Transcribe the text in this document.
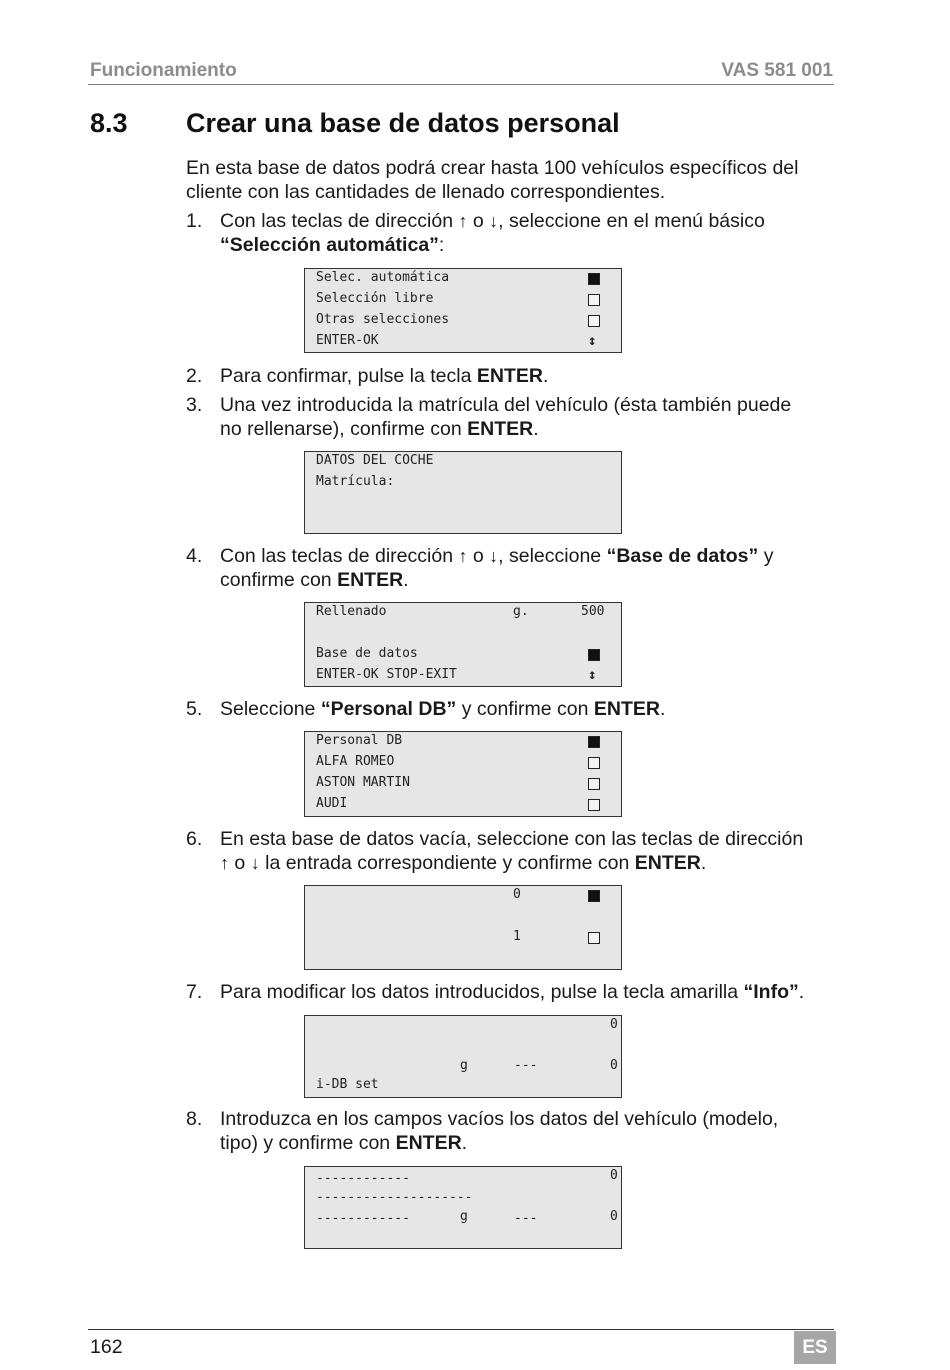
Funcionamiento	VAS 581 001
8.3 Crear una base de datos personal
En esta base de datos podrá crear hasta 100 vehículos específicos del
cliente con las cantidades de llenado correspondientes.
1. Con las teclas de dirección ↑ o ↓, seleccione en el menú básico
“Selección automática”:
Selec. automática
Selección libre
Otras selecciones
ENTER-OK	↕
2. Para confirmar, pulse la tecla ENTER.
3. Una vez introducida la matrícula del vehículo (ésta también puede
no rellenarse), confirme con ENTER.
DATOS DEL COCHE
Matrícula:
4. Con las teclas de dirección ↑ o ↓, seleccione “Base de datos” y
confirme con ENTER.
Rellenado	g.	500
Base de datos
ENTER-OK STOP-EXIT	↕
5. Seleccione “Personal DB” y confirme con ENTER.
Personal DB
ALFA ROMEO
ASTON MARTIN
AUDI
6. En esta base de datos vacía, seleccione con las teclas de dirección
↑ o ↓ la entrada correspondiente y confirme con ENTER.
0
1
7. Para modificar los datos introducidos, pulse la tecla amarilla “Info”.
0
g	---	0
i-DB set
8. Introduzca en los campos vacíos los datos del vehículo (modelo,
tipo) y confirme con ENTER.
------------	0
--------------------
------------	g	---	0
162	ES
